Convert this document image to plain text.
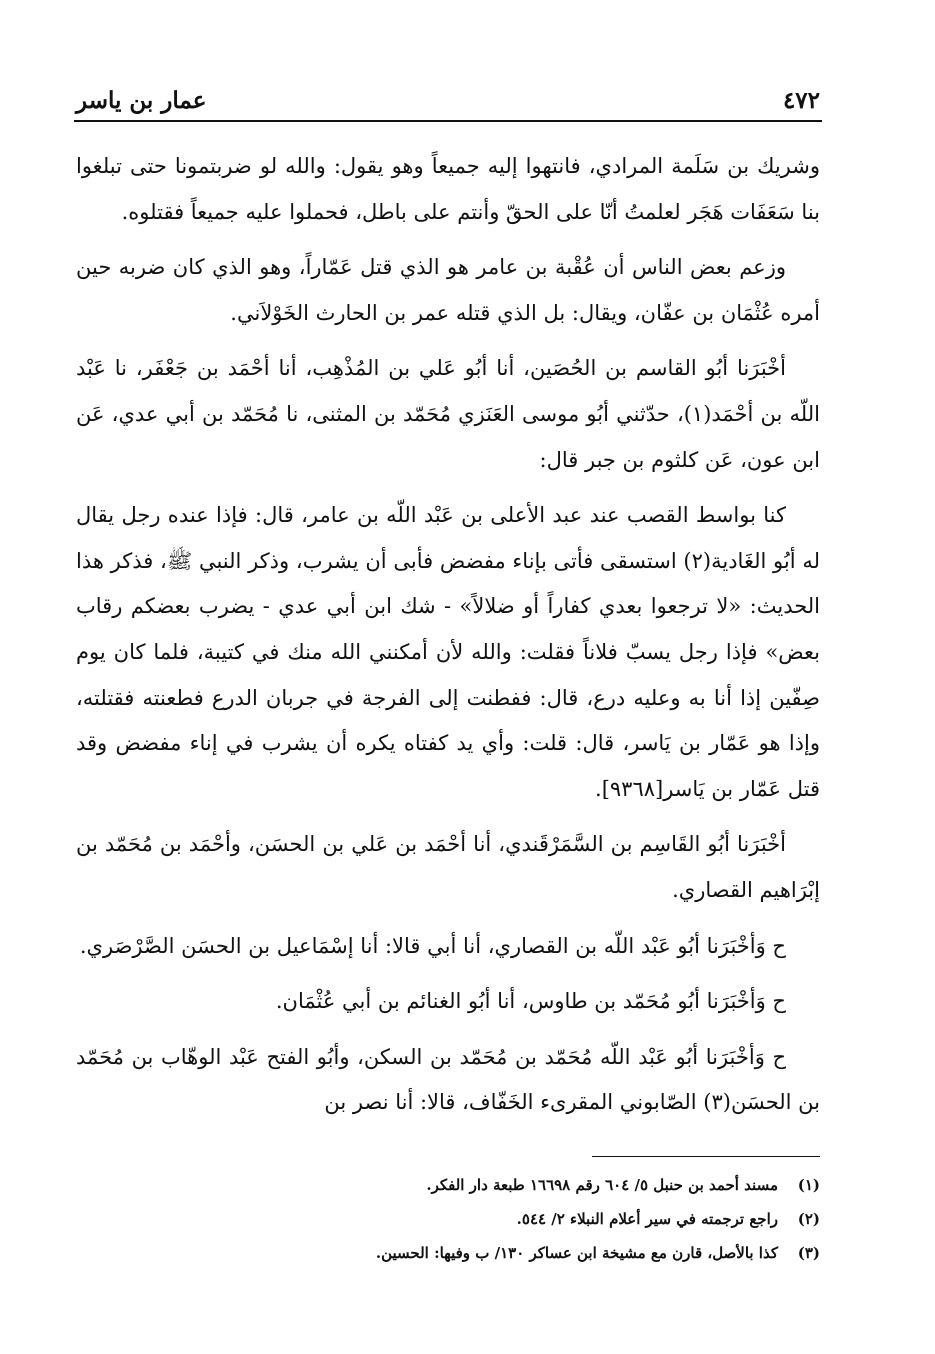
٤٧٢
عمار بن ياسر

وشريك بن سَلَمة المرادي، فانتهوا إليه جميعاً وهو يقول: والله لو ضربتمونا حتى تبلغوا بنا سَعَفَات هَجَر لعلمتُ أنّا على الحقّ وأنتم على باطل، فحملوا عليه جميعاً فقتلوه.

وزعم بعض الناس أن عُقْبة بن عامر هو الذي قتل عَمّاراً، وهو الذي كان ضربه حين أمره عُثْمَان بن عفّان، ويقال: بل الذي قتله عمر بن الحارث الخَوْلاَني.

أخْبَرَنا أبُو القاسم بن الحُصَين، أنا أبُو عَلي بن المُذْهِب، أنا أحْمَد بن جَعْفَر، نا عَبْد اللّه بن أحْمَد(١)، حدّثني أبُو موسى العَنَزي مُحَمّد بن المثنى، نا مُحَمّد بن أبي عدي، عَن ابن عون، عَن كلثوم بن جبر قال:

كنا بواسط القصب عند عبد الأعلى بن عَبْد اللّه بن عامر، قال: فإذا عنده رجل يقال له أبُو الغَادية(٢) استسقى فأتى بإناء مفضض فأبى أن يشرب، وذكر النبي ﷺ، فذكر هذا الحديث: «لا ترجعوا بعدي كفاراً أو ضلالاً» - شك ابن أبي عدي - يضرب بعضكم رقاب بعض» فإذا رجل يسبّ فلاناً فقلت: والله لأن أمكنني الله منك في كتيبة، فلما كان يوم صِفّين إذا أنا به وعليه درع، قال: ففطنت إلى الفرجة في جربان الدرع فطعنته فقتلته، وإذا هو عَمّار بن يَاسر، قال: قلت: وأي يد كفتاه يكره أن يشرب في إناء مفضض وقد قتل عَمّار بن يَاسر[٩٣٦٨].

أخْبَرَنا أبُو القَاسِم بن السَّمَرْقَندي، أنا أحْمَد بن عَلي بن الحسَن، وأحْمَد بن مُحَمّد بن إبْرَاهيم القصاري.

ح وَأخْبَرَنا أبُو عَبْد اللّه بن القصاري، أنا أبي قالا: أنا إسْمَاعيل بن الحسَن الصَّرْصَري.

ح وَأخْبَرَنا أبُو مُحَمّد بن طاوس، أنا أبُو الغنائم بن أبي عُثْمَان.

ح وَأخْبَرَنا أبُو عَبْد اللّه مُحَمّد بن مُحَمّد بن السكن، وأبُو الفتح عَبْد الوهّاب بن مُحَمّد بن الحسَن(٣) الصّابوني المقرىء الخَفّاف، قالا: أنا نصر بن

(١)
مسند أحمد بن حنبل ٥/ ٦٠٤ رقم ١٦٦٩٨ طبعة دار الفكر.
(٢)
راجع ترجمته في سير أعلام النبلاء ٢/ ٥٤٤.
(٣)
كذا بالأصل، قارن مع مشيخة ابن عساكر ١٣٠/ ب وفيها: الحسين.
